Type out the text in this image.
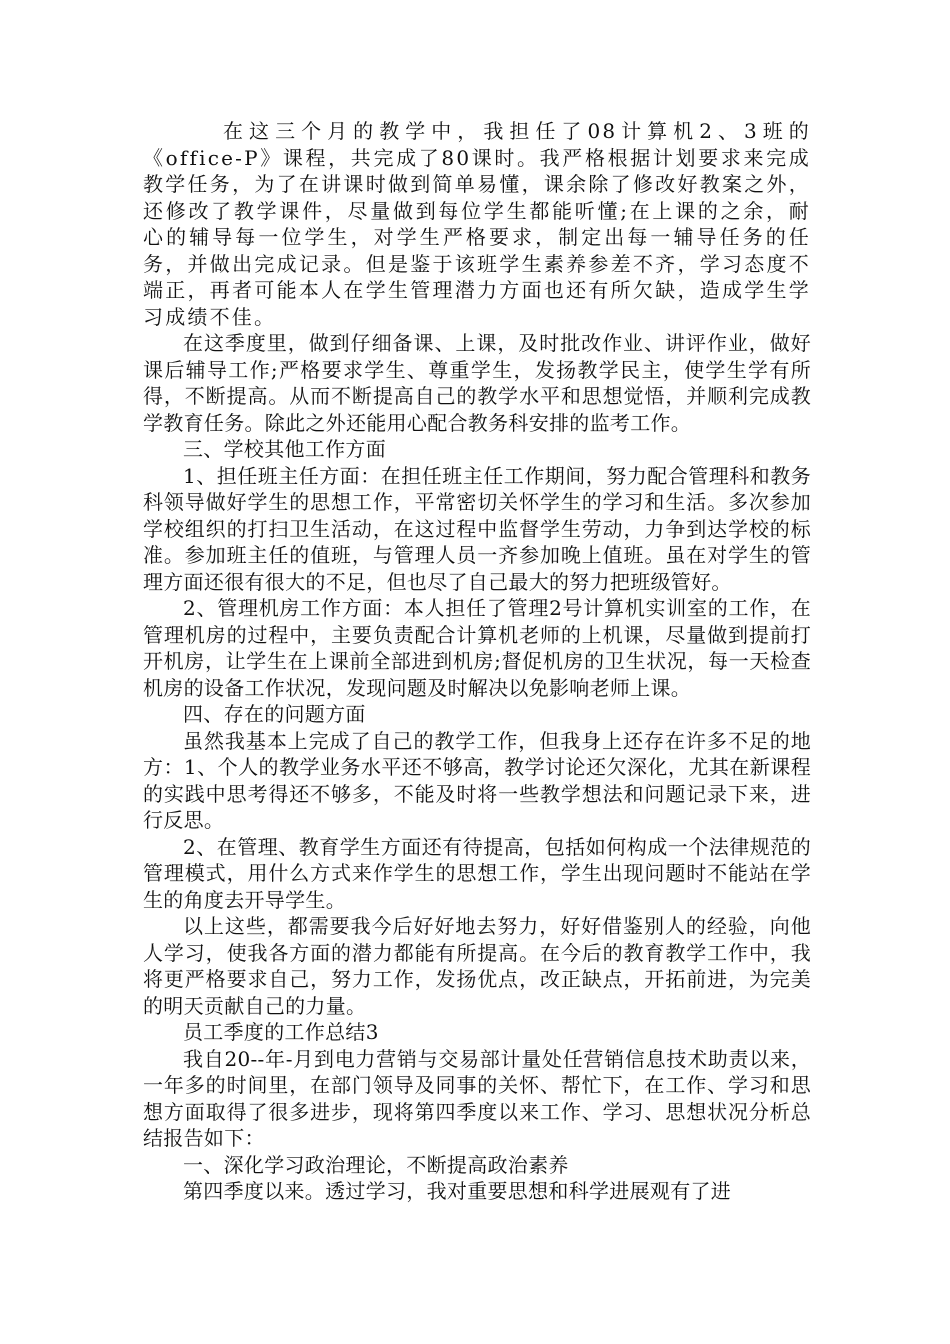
在这三个月的教学中，我担任了08计算机2、3班的《office-P》课程，共完成了80课时。我严格根据计划要求来完成教学任务，为了在讲课时做到简单易懂，课余除了修改好教案之外，还修改了教学课件，尽量做到每位学生都能听懂;在上课的之余，耐心的辅导每一位学生，对学生严格要求，制定出每一辅导任务的任务，并做出完成记录。但是鉴于该班学生素养参差不齐，学习态度不端正，再者可能本人在学生管理潜力方面也还有所欠缺，造成学生学习成绩不佳。

在这季度里，做到仔细备课、上课，及时批改作业、讲评作业，做好课后辅导工作;严格要求学生、尊重学生，发扬教学民主，使学生学有所得，不断提高。从而不断提高自己的教学水平和思想觉悟，并顺利完成教学教育任务。除此之外还能用心配合教务科安排的监考工作。

三、学校其他工作方面

1、担任班主任方面：在担任班主任工作期间，努力配合管理科和教务科领导做好学生的思想工作，平常密切关怀学生的学习和生活。多次参加学校组织的打扫卫生活动，在这过程中监督学生劳动，力争到达学校的标准。参加班主任的值班，与管理人员一齐参加晚上值班。虽在对学生的管理方面还很有很大的不足，但也尽了自己最大的努力把班级管好。

2、管理机房工作方面：本人担任了管理2号计算机实训室的工作，在管理机房的过程中，主要负责配合计算机老师的上机课，尽量做到提前打开机房，让学生在上课前全部进到机房;督促机房的卫生状况，每一天检查机房的设备工作状况，发现问题及时解决以免影响老师上课。

四、存在的问题方面

虽然我基本上完成了自己的教学工作，但我身上还存在许多不足的地方：1、个人的教学业务水平还不够高，教学讨论还欠深化，尤其在新课程的实践中思考得还不够多，不能及时将一些教学想法和问题记录下来，进行反思。

2、在管理、教育学生方面还有待提高，包括如何构成一个法律规范的管理模式，用什么方式来作学生的思想工作，学生出现问题时不能站在学生的角度去开导学生。

以上这些，都需要我今后好好地去努力，好好借鉴别人的经验，向他人学习，使我各方面的潜力都能有所提高。在今后的教育教学工作中，我将更严格要求自己，努力工作，发扬优点，改正缺点，开拓前进，为完美的明天贡献自己的力量。

员工季度的工作总结3

我自20--年-月到电力营销与交易部计量处任营销信息技术助责以来，一年多的时间里，在部门领导及同事的关怀、帮忙下，在工作、学习和思想方面取得了很多进步，现将第四季度以来工作、学习、思想状况分析总结报告如下：

一、深化学习政治理论，不断提高政治素养

第四季度以来。透过学习，我对重要思想和科学进展观有了进
